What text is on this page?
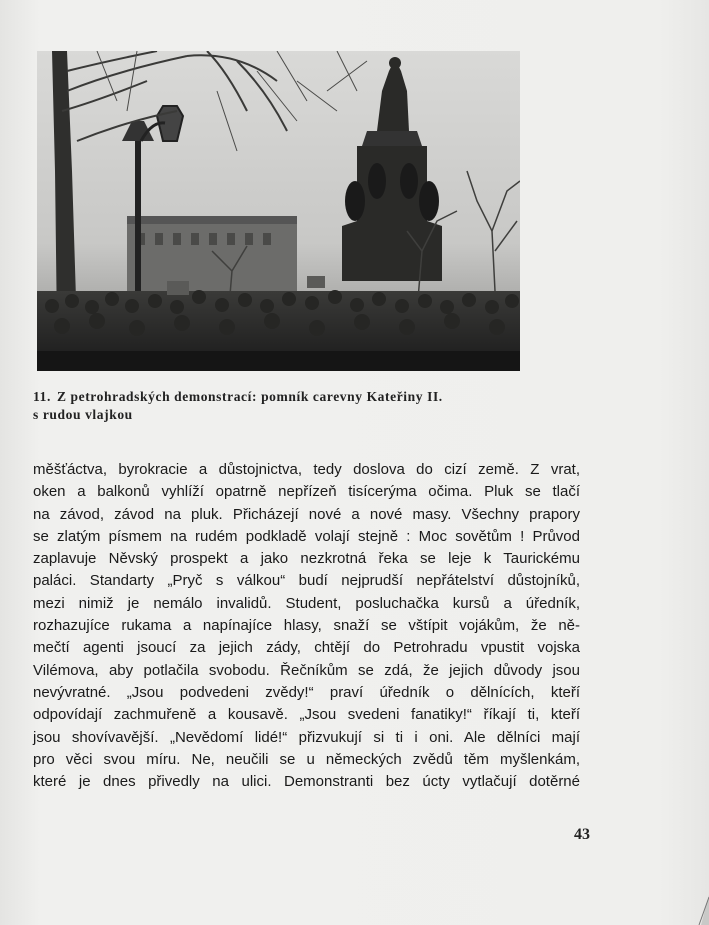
11. Z petrohradských demonstrací: pomník carevny Kateřiny II.
s rudou vlajkou
měšťáctva, byrokracie a důstojnictva, tedy doslova do cizí země. Z vrat,
oken a balkonů vyhlíží opatrně nepřízeň tisícerýma očima. Pluk se tlačí
na závod, závod na pluk. Přicházejí nové a nové masy. Všechny prapory
se zlatým písmem na rudém podkladě volají stejně : Moc sovětům ! Průvod
zaplavuje Něvský prospekt a jako nezkrotná řeka se leje k Taurickému
paláci. Standarty „Pryč s válkou“ budí nejprudší nepřátelství důstojníků,
mezi nimiž je nemálo invalidů. Student, posluchačka kursů a úředník,
rozhazujíce rukama a napínajíce hlasy, snaží se vštípit vojákům, že ně-
mečtí agenti jsoucí za jejich zády, chtějí do Petrohradu vpustit vojska
Vilémova, aby potlačila svobodu. Řečníkům se zdá, že jejich důvody jsou
nevývratné. „Jsou podvedeni zvědy!“ praví úředník o dělnících, kteří
odpovídají zachmuřeně a kousavě. „Jsou svedeni fanatiky!“ říkají ti, kteří
jsou shovívavější. „Nevědomí lidé!“ přizvukují si ti i oni. Ale dělníci mají
pro věci svou míru. Ne, neučili se u německých zvědů těm myšlenkám,
které je dnes přivedly na ulici. Demonstranti bez úcty vytlačují dotěrné
43
